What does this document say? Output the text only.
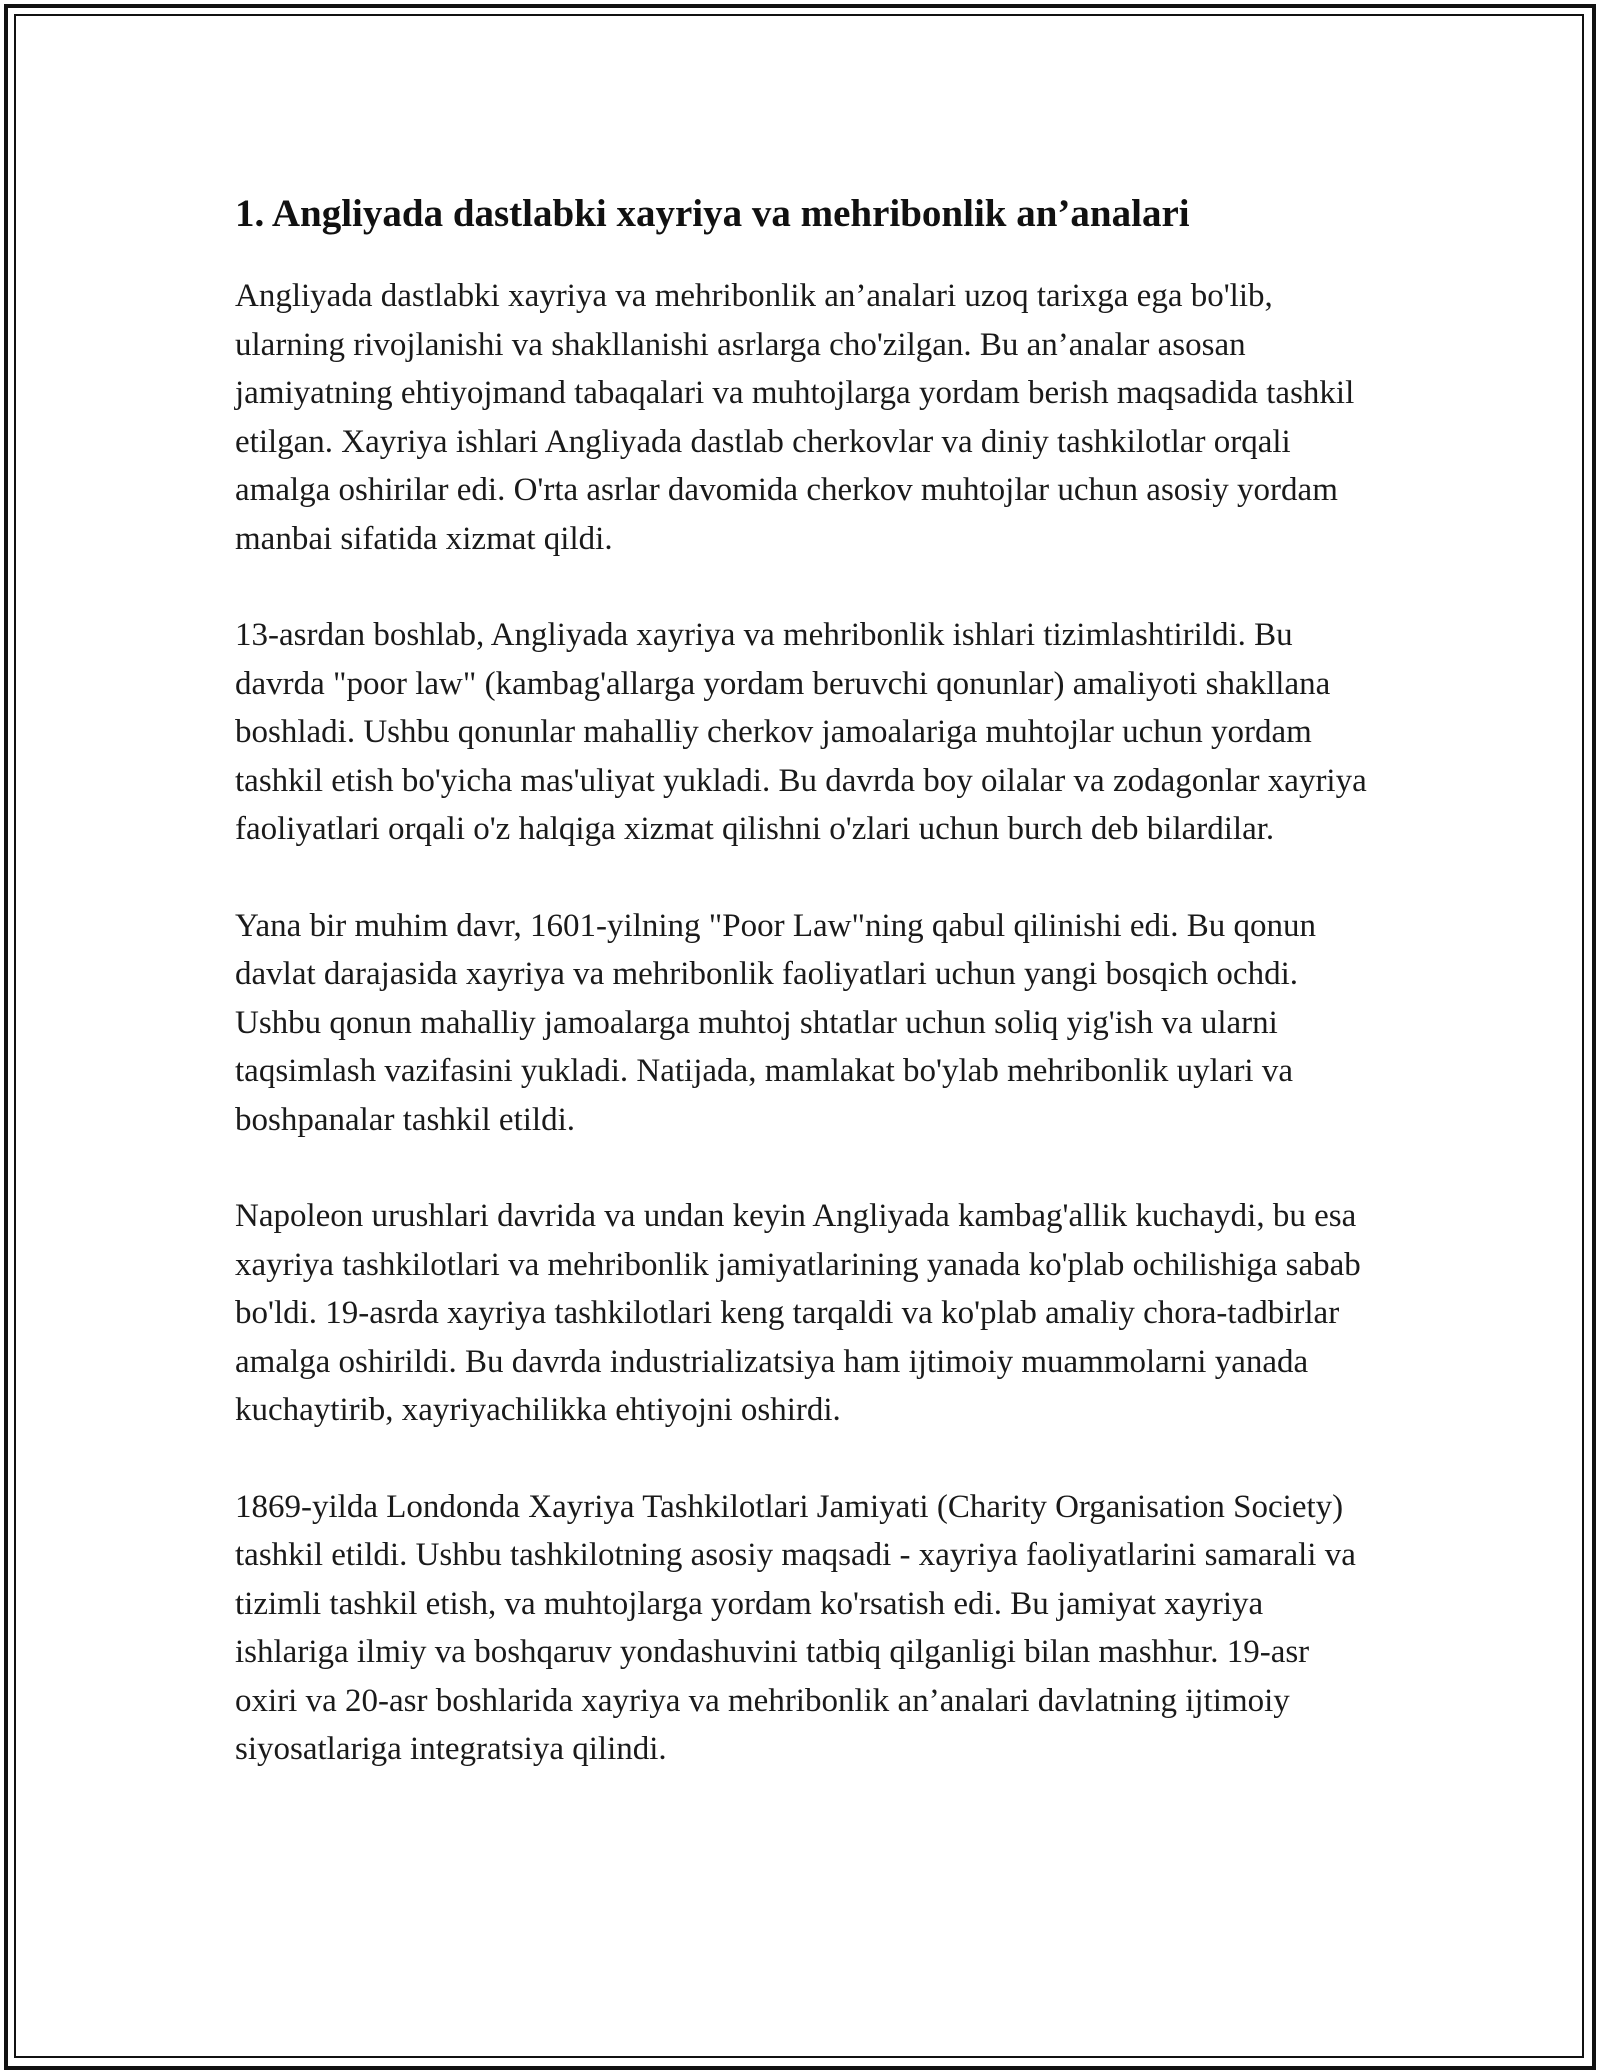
1. Angliyada dastlabki xayriya va mehribonlik an’analari

Angliyada dastlabki xayriya va mehribonlik an’analari uzoq tarixga ega bo'lib, ularning rivojlanishi va shakllanishi asrlarga cho'zilgan. Bu an’analar asosan jamiyatning ehtiyojmand tabaqalari va muhtojlarga yordam berish maqsadida tashkil etilgan. Xayriya ishlari Angliyada dastlab cherkovlar va diniy tashkilotlar orqali amalga oshirilar edi. O'rta asrlar davomida cherkov muhtojlar uchun asosiy yordam manbai sifatida xizmat qildi.

13-asrdan boshlab, Angliyada xayriya va mehribonlik ishlari tizimlashtirildi. Bu davrda "poor law" (kambag'allarga yordam beruvchi qonunlar) amaliyoti shakllana boshladi. Ushbu qonunlar mahalliy cherkov jamoalariga muhtojlar uchun yordam tashkil etish bo'yicha mas'uliyat yukladi. Bu davrda boy oilalar va zodagonlar xayriya faoliyatlari orqali o'z halqiga xizmat qilishni o'zlari uchun burch deb bilardilar.

Yana bir muhim davr, 1601-yilning "Poor Law"ning qabul qilinishi edi. Bu qonun davlat darajasida xayriya va mehribonlik faoliyatlari uchun yangi bosqich ochdi. Ushbu qonun mahalliy jamoalarga muhtoj shtatlar uchun soliq yig'ish va ularni taqsimlash vazifasini yukladi. Natijada, mamlakat bo'ylab mehribonlik uylari va boshpanalar tashkil etildi.

Napoleon urushlari davrida va undan keyin Angliyada kambag'allik kuchaydi, bu esa xayriya tashkilotlari va mehribonlik jamiyatlarining yanada ko'plab ochilishiga sabab bo'ldi. 19-asrda xayriya tashkilotlari keng tarqaldi va ko'plab amaliy chora-tadbirlar amalga oshirildi. Bu davrda industrializatsiya ham ijtimoiy muammolarni yanada kuchaytirib, xayriyachilikka ehtiyojni oshirdi.

1869-yilda Londonda Xayriya Tashkilotlari Jamiyati (Charity Organisation Society) tashkil etildi. Ushbu tashkilotning asosiy maqsadi - xayriya faoliyatlarini samarali va tizimli tashkil etish, va muhtojlarga yordam ko'rsatish edi. Bu jamiyat xayriya ishlariga ilmiy va boshqaruv yondashuvini tatbiq qilganligi bilan mashhur. 19-asr oxiri va 20-asr boshlarida xayriya va mehribonlik an’analari davlatning ijtimoiy siyosatlariga integratsiya qilindi.
